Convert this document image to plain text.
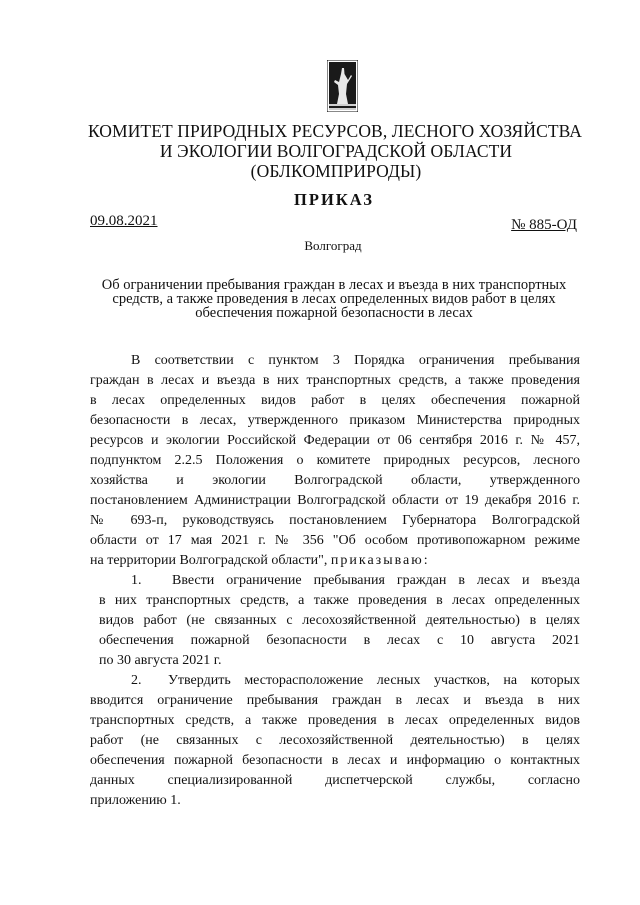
КОМИТЕТ ПРИРОДНЫХ РЕСУРСОВ, ЛЕСНОГО ХОЗЯЙСТВА
И ЭКОЛОГИИ ВОЛГОГРАДСКОЙ ОБЛАСТИ
(ОБЛКОМПРИРОДЫ)
ПРИКАЗ
09.08.2021	№ 885-ОД
Волгоград
Об ограничении пребывания граждан в лесах и въезда в них транспортных
средств, а также проведения в лесах определенных видов работ в целях
обеспечения пожарной безопасности в лесах
В соответствии с пунктом 3 Порядка ограничения пребывания
граждан в лесах и въезда в них транспортных средств, а также проведения
в лесах определенных видов работ в целях обеспечения пожарной
безопасности в лесах, утвержденного приказом Министерства природных
ресурсов и экологии Российской Федерации от 06 сентября 2016 г. № 457,
подпунктом 2.2.5 Положения о комитете природных ресурсов, лесного
хозяйства и экологии Волгоградской области, утвержденного
постановлением Администрации Волгоградской области от 19 декабря 2016 г.
№ 693-п, руководствуясь постановлением Губернатора Волгоградской
области от 17 мая 2021 г. № 356 "Об особом противопожарном режиме
на территории Волгоградской области", приказываю:
1.	Ввести ограничение пребывания граждан в лесах и въезда
в них транспортных средств, а также проведения в лесах определенных
видов работ (не связанных с лесохозяйственной деятельностью) в целях
обеспечения пожарной безопасности в лесах с 10 августа 2021
по 30 августа 2021 г.
2.	Утвердить месторасположение лесных участков, на которых
вводится ограничение пребывания граждан в лесах и въезда в них
транспортных средств, а также проведения в лесах определенных видов
работ (не связанных с лесохозяйственной деятельностью) в целях
обеспечения пожарной безопасности в лесах и информацию о контактных
данных специализированной диспетчерской службы, согласно
приложению 1.
